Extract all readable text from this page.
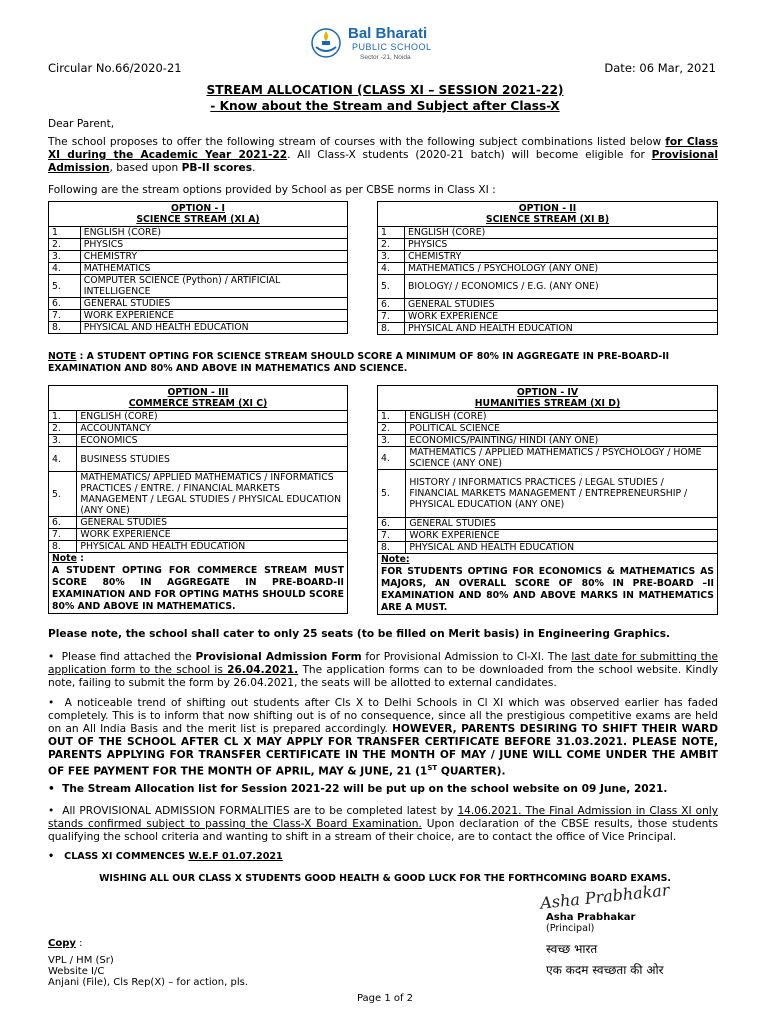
Bal Bharati
PUBLIC SCHOOL
Sector -21, Noida
Circular No.66/2020-21	Date: 06 Mar, 2021
STREAM ALLOCATION (CLASS XI – SESSION 2021-22)
- Know about the Stream and Subject after Class-X
Dear Parent,
The school proposes to offer the following stream of courses with the following subject combinations listed below for Class XI during the Academic Year 2021-22. All Class-X students (2020-21 batch) will become eligible for Provisional Admission, based upon PB-II scores.
Following are the stream options provided by School as per CBSE norms in Class XI :
OPTION - I
SCIENCE STREAM (XI A)	

1	ENGLISH (CORE)
2.	PHYSICS
3.	CHEMISTRY
4.	MATHEMATICS
5.	COMPUTER SCIENCE (Python) / ARTIFICIAL INTELLIGENCE
6.	GENERAL STUDIES
7.	WORK EXPERIENCE
8.	PHYSICAL AND HEALTH EDUCATION
OPTION - II
SCIENCE STREAM (XI B)	

1	ENGLISH (CORE)
2.	PHYSICS
3.	CHEMISTRY
4.	MATHEMATICS / PSYCHOLOGY (ANY ONE)
5.	BIOLOGY/ / ECONOMICS / E.G. (ANY ONE)
6.	GENERAL STUDIES
7.	WORK EXPERIENCE
8.	PHYSICAL AND HEALTH EDUCATION
NOTE : A STUDENT OPTING FOR SCIENCE STREAM SHOULD SCORE A MINIMUM OF 80% IN AGGREGATE IN PRE-BOARD-II EXAMINATION AND 80% AND ABOVE IN MATHEMATICS AND SCIENCE.
OPTION - III
COMMERCE STREAM (XI C)	

1.	ENGLISH (CORE)
2.	ACCOUNTANCY
3.	ECONOMICS
4.	BUSINESS STUDIES
5.	MATHEMATICS/ APPLIED MATHEMATICS / INFORMATICS PRACTICES / ENTRE. / FINANCIAL MARKETS MANAGEMENT / LEGAL STUDIES / PHYSICAL EDUCATION (ANY ONE)
6.	GENERAL STUDIES
7.	WORK EXPERIENCE
8.	PHYSICAL AND HEALTH EDUCATION
Note :
A STUDENT OPTING FOR COMMERCE STREAM MUST SCORE 80% IN AGGREGATE IN PRE-BOARD-II EXAMINATION AND FOR OPTING MATHS SHOULD SCORE 80% AND ABOVE IN MATHEMATICS.	
OPTION - IV
HUMANITIES STREAM (XI D)	

1.	ENGLISH (CORE)
2.	POLITICAL SCIENCE
3.	ECONOMICS/PAINTING/ HINDI (ANY ONE)
4.	MATHEMATICS / APPLIED MATHEMATICS / PSYCHOLOGY / HOME SCIENCE (ANY ONE)
5.	HISTORY / INFORMATICS PRACTICES / LEGAL STUDIES / FINANCIAL MARKETS MANAGEMENT / ENTREPRENEURSHIP / PHYSICAL EDUCATION (ANY ONE)
6.	GENERAL STUDIES
7.	WORK EXPERIENCE
8.	PHYSICAL AND HEALTH EDUCATION
Note:
FOR STUDENTS OPTING FOR ECONOMICS & MATHEMATICS AS MAJORS, AN OVERALL SCORE OF 80% IN PRE-BOARD –II EXAMINATION AND 80% AND ABOVE MARKS IN MATHEMATICS ARE A MUST.	
Please note, the school shall cater to only 25 seats (to be filled on Merit basis) in Engineering Graphics.
•  Please find attached the Provisional Admission Form for Provisional Admission to Cl-XI. The last date for submitting the application form to the school is 26.04.2021. The application forms can to be downloaded from the school website. Kindly note, failing to submit the form by 26.04.2021, the seats will be allotted to external candidates.
•  A noticeable trend of shifting out students after Cls X to Delhi Schools in Cl XI which was observed earlier has faded completely. This is to inform that now shifting out is of no consequence, since all the prestigious competitive exams are held on an All India Basis and the merit list is prepared accordingly. HOWEVER, PARENTS DESIRING TO SHIFT THEIR WARD OUT OF THE SCHOOL AFTER CL X MAY APPLY FOR TRANSFER CERTIFICATE BEFORE 31.03.2021. PLEASE NOTE, PARENTS APPLYING FOR TRANSFER CERTIFICATE IN THE MONTH OF MAY / JUNE WILL COME UNDER THE AMBIT OF FEE PAYMENT FOR THE MONTH OF APRIL, MAY & JUNE, 21 (1ST QUARTER).
•  The Stream Allocation list for Session 2021-22 will be put up on the school website on 09 June, 2021.
•  All PROVISIONAL ADMISSION FORMALITIES are to be completed latest by 14.06.2021. The Final Admission in Class XI only stands confirmed subject to passing the Class-X Board Examination. Upon declaration of the CBSE results, those students qualifying the school criteria and wanting to shift in a stream of their choice, are to contact the office of Vice Principal.
•   CLASS XI COMMENCES W.E.F 01.07.2021
WISHING ALL OUR CLASS X STUDENTS GOOD HEALTH & GOOD LUCK FOR THE FORTHCOMING BOARD EXAMS.
Asha Prabhakar
Asha Prabhakar
(Principal)
स्वच्छ भारत
एक कदम स्वच्छता की ओर
Copy :
VPL / HM (Sr)
Website I/C
Anjani (File), Cls Rep(X) – for action, pls.
Page 1 of 2
